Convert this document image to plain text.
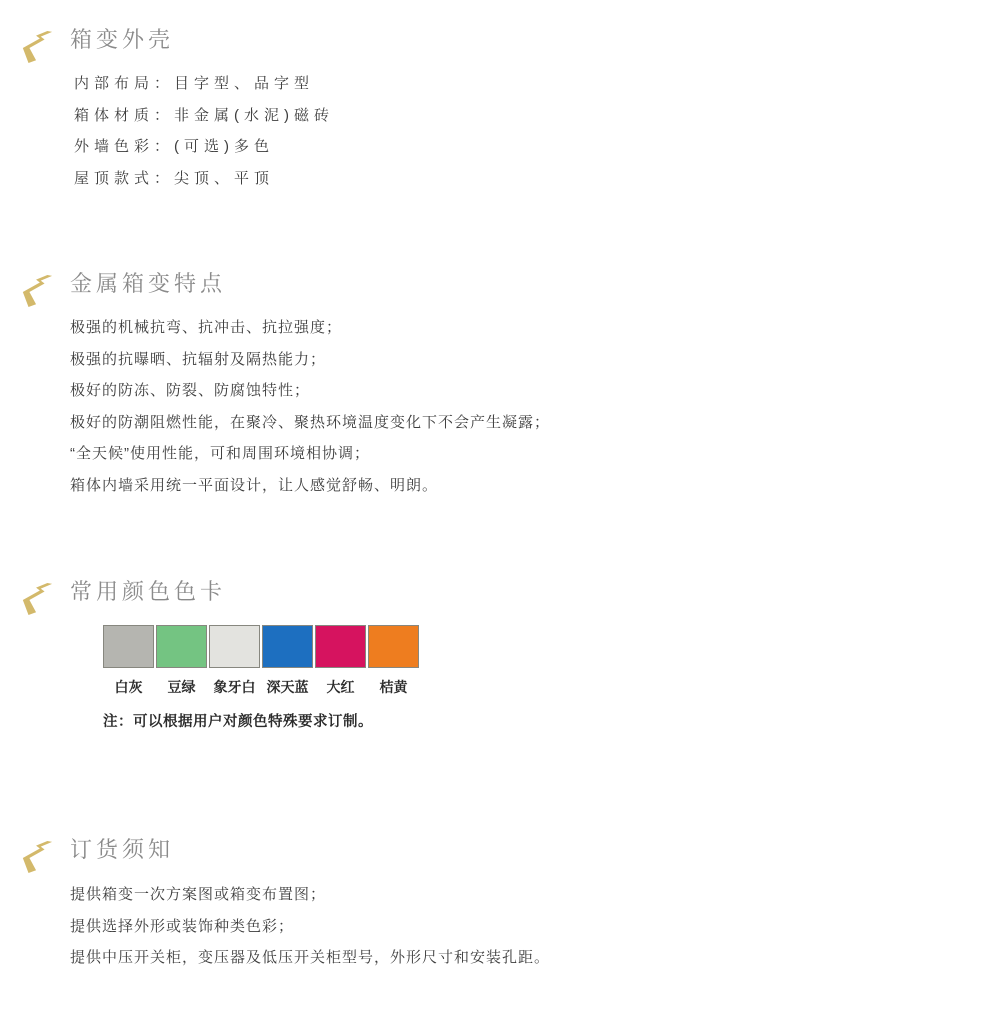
箱变外壳

内部布局：目字型、品字型

箱体材质：非金属(水泥)磁砖

外墙色彩：(可选)多色

屋顶款式：尖顶、平顶

金属箱变特点

极强的机械抗弯、抗冲击、抗拉强度；

极强的抗曝晒、抗辐射及隔热能力；

极好的防冻、防裂、防腐蚀特性；

极好的防潮阻燃性能，在聚冷、聚热环境温度变化下不会产生凝露；

“全天候”使用性能，可和周围环境相协调；

箱体内墙采用统一平面设计，让人感觉舒畅、明朗。

常用颜色色卡
白灰	豆绿	象牙白 深天蓝	大红	桔黄
注：可以根据用户对颜色特殊要求订制。
订货须知

提供箱变一次方案图或箱变布置图；

提供选择外形或装饰种类色彩；

提供中压开关柜，变压器及低压开关柜型号，外形尺寸和安装孔距。
